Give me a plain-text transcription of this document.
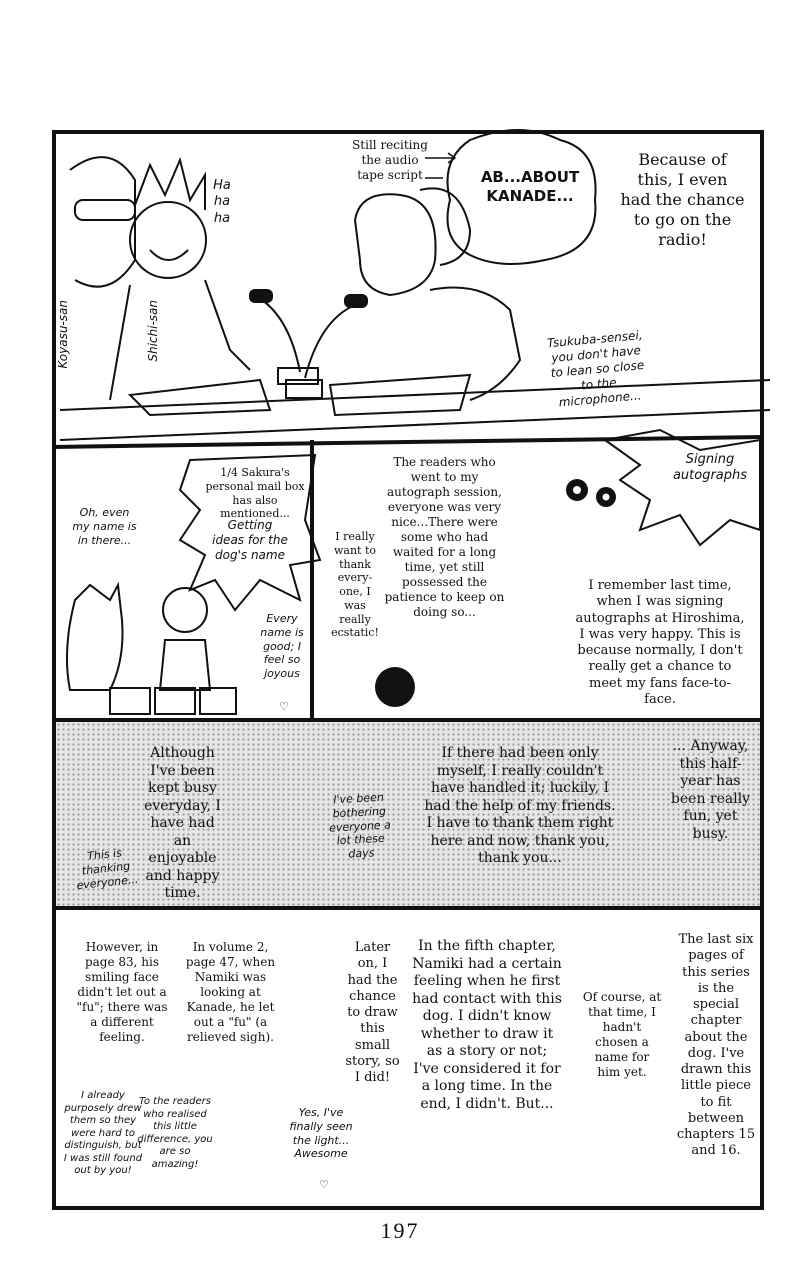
Still reciting the audio tape script	AB...ABOUT KANADE...
Because of this, I even had the chance to go on the radio!
Ha ha ha
Koyasu-san	Shichi-san	Tsukuba-sensei, you don't have to lean so close to the microphone...
1/4 Sakura's personal mail box has also mentioned...
Getting ideas for the dog's name
Oh, even my name is in there...
Every name is good; I feel so joyous
♡
I really want to thank every- one, I was really ecstatic!
The readers who went to my autograph session, everyone was very nice...There were some who had waited for a long time, yet still possessed the patience to keep on doing so...
Signing autographs
I remember last time, when I was signing autographs at Hiroshima, I was very happy. This is because normally, I don't really get a chance to meet my fans face-to-face.
Although I've been kept busy everyday, I have had an enjoyable and happy time.
This is thanking everyone...
I've been bothering everyone a lot these days
If there had been only myself, I really couldn't have handled it; luckily, I had the help of my friends. I have to thank them right here and now, thank you, thank you...
... Anyway, this half- year has been really fun, yet busy.
However, in page 83, his smiling face didn't let out a "fu"; there was a different feeling.
In volume 2, page 47, when Namiki was looking at Kanade, he let out a "fu" (a relieved sigh).
I already purposely drew them so they were hard to distinguish, but I was still found out by you!
To the readers who realised this little difference, you are so amazing!
Later on, I had the chance to draw this small story, so I did!
Yes, I've finally seen the light... Awesome
♡
In the fifth chapter, Namiki had a certain feeling when he first had contact with this dog. I didn't know whether to draw it as a story or not; I've considered it for a long time. In the end, I didn't. But...
Of course, at that time, I hadn't chosen a name for him yet.
The last six pages of this series is the special chapter about the dog. I've drawn this little piece to fit between chapters 15 and 16.
197
